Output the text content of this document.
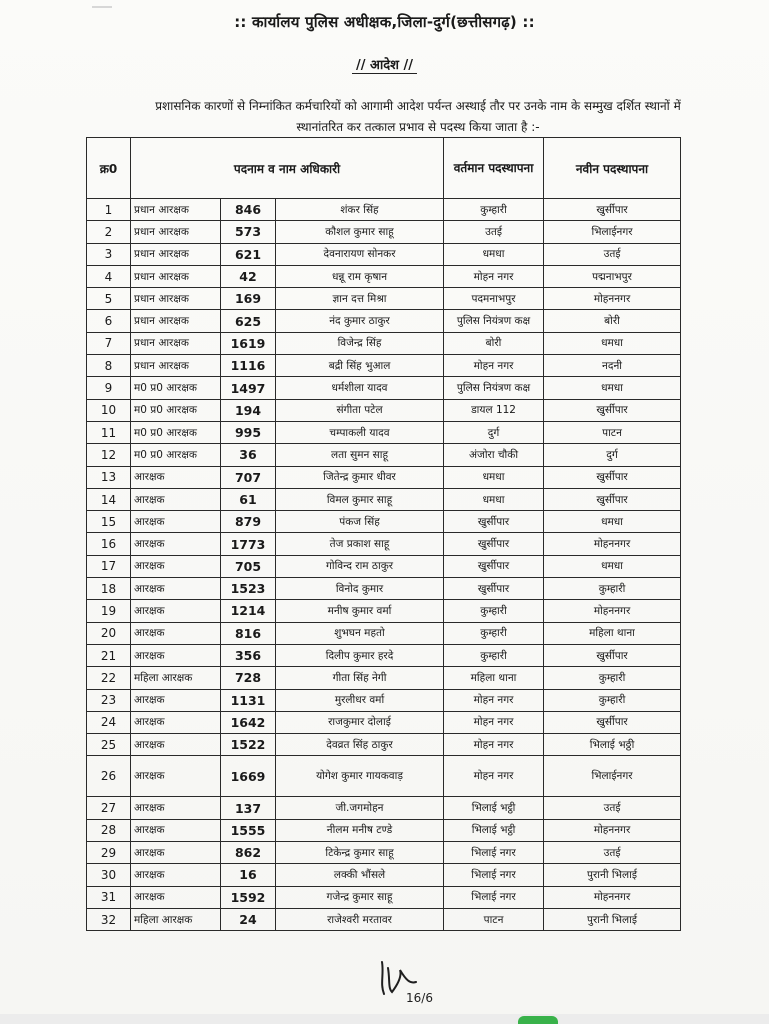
:: कार्यालय पुलिस अधीक्षक,जिला-दुर्ग(छत्तीसगढ़) ::
// आदेश //
प्रशासनिक कारणों से निम्नांकित कर्मचारियों को आगामी आदेश पर्यन्त अस्थाई तौर पर उनके नाम के सम्मुख दर्शित स्थानों में स्थानांतरित कर तत्काल प्रभाव से पदस्थ किया जाता है :-
क्र0	पदनाम व नाम अधिकारी			वर्तमान पदस्थापना	नवीन पदस्थापना
1	प्रधान आरक्षक	846	शंकर सिंह	कुम्हारी	खुर्सीपार
2	प्रधान आरक्षक	573	कौशल कुमार साहू	उतई	भिलाईनगर
3	प्रधान आरक्षक	621	देवनारायण सोनकर	धमधा	उतई
4	प्रधान आरक्षक	42	धन्नू राम कृषान	मोहन नगर	पद्मनाभपुर
5	प्रधान आरक्षक	169	ज्ञान दत्त मिश्रा	पदमनाभपुर	मोहननगर
6	प्रधान आरक्षक	625	नंद कुमार ठाकुर	पुलिस नियंत्रण कक्ष	बोरी
7	प्रधान आरक्षक	1619	विजेन्द्र सिंह	बोरी	धमधा
8	प्रधान आरक्षक	1116	बद्री सिंह भुआल	मोहन नगर	नदनी
9	म0 प्र0 आरक्षक	1497	धर्मशीला यादव	पुलिस नियंत्रण कक्ष	धमधा
10	म0 प्र0 आरक्षक	194	संगीता पटेल	डायल 112	खुर्सीपार
11	म0 प्र0 आरक्षक	995	चम्पाकली यादव	दुर्ग	पाटन
12	म0 प्र0 आरक्षक	36	लता सुमन साहू	अंजोरा चौकी	दुर्ग
13	आरक्षक	707	जितेन्द्र कुमार धीवर	धमधा	खुर्सीपार
14	आरक्षक	61	विमल कुमार साहू	धमधा	खुर्सीपार
15	आरक्षक	879	पंकज सिंह	खुर्सीपार	धमधा
16	आरक्षक	1773	तेज प्रकाश साहू	खुर्सीपार	मोहननगर
17	आरक्षक	705	गोविन्द राम ठाकुर	खुर्सीपार	धमधा
18	आरक्षक	1523	विनोद कुमार	खुर्सीपार	कुम्हारी
19	आरक्षक	1214	मनीष कुमार वर्मा	कुम्हारी	मोहननगर
20	आरक्षक	816	शुभघन महतो	कुम्हारी	महिला थाना
21	आरक्षक	356	दिलीप कुमार हरदे	कुम्हारी	खुर्सीपार
22	महिला आरक्षक	728	गीता सिंह नेगी	महिला थाना	कुम्हारी
23	आरक्षक	1131	मुरलीधर वर्मा	मोहन नगर	कुम्हारी
24	आरक्षक	1642	राजकुमार दोलाई	मोहन नगर	खुर्सीपार
25	आरक्षक	1522	देवव्रत सिंह ठाकुर	मोहन नगर	भिलाई भठ्ठी
26	आरक्षक	1669	योगेश कुमार गायकवाड़	मोहन नगर	भिलाईनगर
27	आरक्षक	137	जी.जगमोहन	भिलाई भट्ठी	उतई
28	आरक्षक	1555	नीलम मनीष टण्डे	भिलाई भट्ठी	मोहननगर
29	आरक्षक	862	टिकेन्द्र कुमार साहू	भिलाई नगर	उतई
30	आरक्षक	16	लक्की भौंसले	भिलाई नगर	पुरानी भिलाई
31	आरक्षक	1592	गजेन्द्र कुमार साहू	भिलाई नगर	मोहननगर
32	महिला आरक्षक	24	राजेश्वरी मरतावर	पाटन	पुरानी भिलाई
16/6
